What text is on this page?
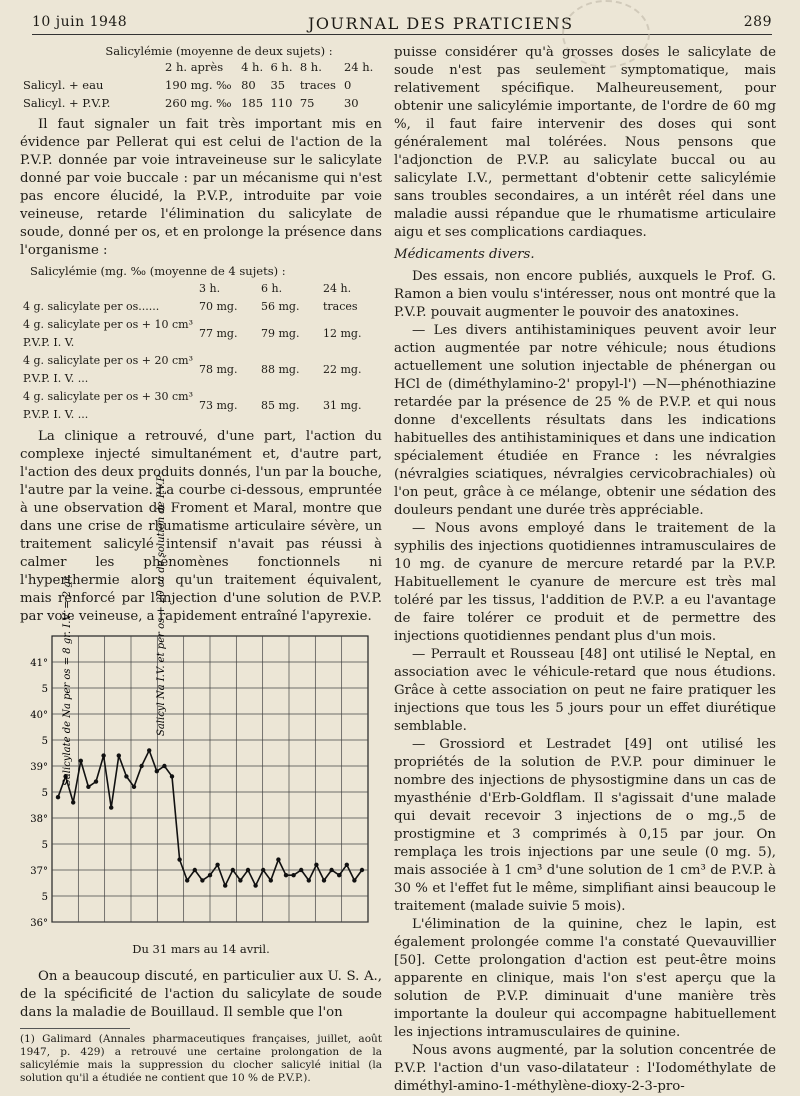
10 juin 1948	JOURNAL DES PRATICIENS	289
Salicylémie (moyenne de deux sujets) :
	2 h. après	4 h.	6 h.	8 h.	24 h.
Salicyl. + eau	190 mg. ‰	80	35	traces	0
Salicyl. + P.V.P.	260 mg. ‰	185	110	75	30

Il faut signaler un fait très important mis en évidence par Pellerat qui est celui de l'action de la P.V.P. donnée par voie intraveineuse sur le salicylate donné par voie buccale : par un mécanisme qui n'est pas encore élucidé, la P.V.P., introduite par voie veineuse, retarde l'élimination du salicylate de soude, donné per os, et en prolonge la présence dans l'organisme :

Salicylémie (mg. ‰ (moyenne de 4 sujets) :
	3 h.	6 h.	24 h.
4 g. salicylate per os......	70 mg.	56 mg.	traces
4 g. salicylate per os + 10 cm³ P.V.P. I. V.	77 mg.	79 mg.	12 mg.
4 g. salicylate per os + 20 cm³ P.V.P. I. V. ...	78 mg.	88 mg.	22 mg.
4 g. salicylate per os + 30 cm³ P.V.P. I. V. ...	73 mg.	85 mg.	31 mg.

La clinique a retrouvé, d'une part, l'action du complexe injecté simultanément et, d'autre part, l'action des deux produits donnés, l'un par la bouche, l'autre par la veine. La courbe ci-dessous, empruntée à une observation de Froment et Maral, montre que dans une crise de rhumatisme articulaire sévère, un traitement salicylé intensif n'avait pas réussi à calmer les phénomènes fonctionnels ni l'hyperthermie alors qu'un traitement équivalent, mais renforcé par l'injection d'une solution de P.V.P. par voie veineuse, a rapidement entraîné l'apyrexie.

41°
5
40°
5
39°
5
38°
5
37°
5
36°
Salicylate de Na per os = 8 gr. I.V. = 2 gr.	Salicyl Na I.V. et per os + 20 cc de solution de P.V.P.
Du 31 mars au 14 avril.

On a beaucoup discuté, en particulier aux U. S. A., de la spécificité de l'action du salicylate de soude dans la maladie de Bouillaud. Il semble que l'on

(1) Galimard (Annales pharmaceutiques françaises, juillet, août 1947, p. 429) a retrouvé une certaine prolongation de la salicylémie mais la suppression du clocher salicylé initial (la solution qu'il a étudiée ne contient que 10 % de P.V.P.).

puisse considérer qu'à grosses doses le salicylate de soude n'est pas seulement symptomatique, mais relativement spécifique. Malheureusement, pour obtenir une salicylémie importante, de l'ordre de 60 mg %, il faut faire intervenir des doses qui sont généralement mal tolérées. Nous pensons que l'adjonction de P.V.P. au salicylate buccal ou au salicylate I.V., permettant d'obtenir cette salicylémie sans troubles secondaires, a un intérêt réel dans une maladie aussi répandue que le rhumatisme articulaire aigu et ses complications cardiaques.

Médicaments divers.

Des essais, non encore publiés, auxquels le Prof. G. Ramon a bien voulu s'intéresser, nous ont montré que la P.V.P. pouvait augmenter le pouvoir des anatoxines.

— Les divers antihistaminiques peuvent avoir leur action augmentée par notre véhicule; nous étudions actuellement une solution injectable de phénergan ou HCl de (diméthylamino-2' propyl-l') —N—phénothiazine retardée par la présence de 25 % de P.V.P. et qui nous donne d'excellents résultats dans les indications habituelles des antihistaminiques et dans une indication spécialement étudiée en France : les névralgies (névralgies sciatiques, névralgies cervicobrachiales) où l'on peut, grâce à ce mélange, obtenir une sédation des douleurs pendant une durée très appréciable.

— Nous avons employé dans le traitement de la syphilis des injections quotidiennes intramusculaires de 10 mg. de cyanure de mercure retardé par la P.V.P. Habituellement le cyanure de mercure est très mal toléré par les tissus, l'addition de P.V.P. a eu l'avantage de faire tolérer ce produit et de permettre des injections quotidiennes pendant plus d'un mois.

— Perrault et Rousseau [48] ont utilisé le Neptal, en association avec le véhicule-retard que nous étudions. Grâce à cette association on peut ne faire pratiquer les injections que tous les 5 jours pour un effet diurétique semblable.

— Grossiord et Lestradet [49] ont utilisé les propriétés de la solution de P.V.P. pour diminuer le nombre des injections de physostigmine dans un cas de myasthénie d'Erb-Goldflam. Il s'agissait d'une malade qui devait recevoir 3 injections de o mg.,5 de prostigmine et 3 comprimés à 0,15 par jour. On remplaça les trois injections par une seule (0 mg. 5), mais associée à 1 cm³ d'une solution de 1 cm³ de P.V.P. à 30 % et l'effet fut le même, simplifiant ainsi beaucoup le traitement (malade suivie 5 mois).

L'élimination de la quinine, chez le lapin, est également prolongée comme l'a constaté Quevauvillier [50]. Cette prolongation d'action est peut-être moins apparente en clinique, mais l'on s'est aperçu que la solution de P.V.P. diminuait d'une manière très importante la douleur qui accompagne habituellement les injections intramusculaires de quinine.

Nous avons augmenté, par la solution concentrée de P.V.P. l'action d'un vaso-dilatateur : l'Iodométhylate de diméthyl-amino-1-méthylène-dioxy-2-3-pro-
